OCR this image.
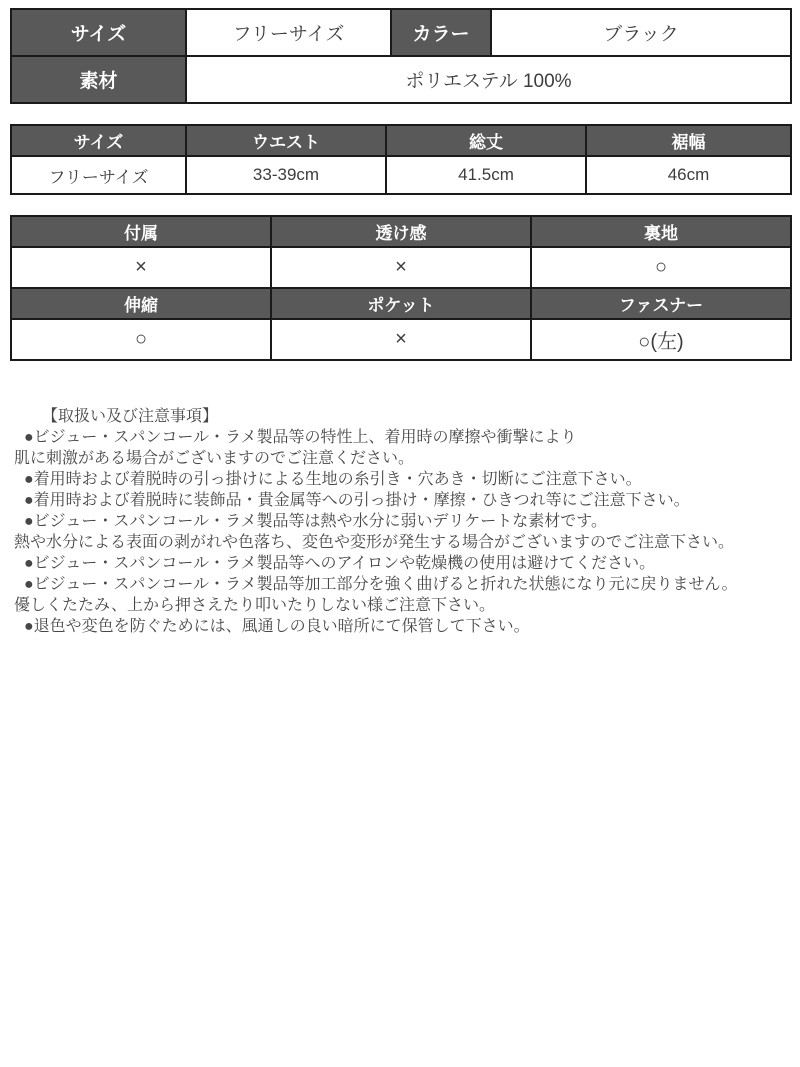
サイズ	フリーサイズ	カラー	ブラック
素材	ポリエステル 100%		
サイズ	ウエスト	総丈	裾幅
フリーサイズ	33-39cm	41.5cm	46cm
付属	透け感	裏地
×	×	○
伸縮	ポケット	ファスナー
○	×	○(左)
【取扱い及び注意事項】
●ビジュー・スパンコール・ラメ製品等の特性上、着用時の摩擦や衝撃により
肌に刺激がある場合がございますのでご注意ください。
●着用時および着脱時の引っ掛けによる生地の糸引き・穴あき・切断にご注意下さい。
●着用時および着脱時に装飾品・貴金属等への引っ掛け・摩擦・ひきつれ等にご注意下さい。
●ビジュー・スパンコール・ラメ製品等は熱や水分に弱いデリケートな素材です。
熱や水分による表面の剥がれや色落ち、変色や変形が発生する場合がございますのでご注意下さい。
●ビジュー・スパンコール・ラメ製品等へのアイロンや乾燥機の使用は避けてください。
●ビジュー・スパンコール・ラメ製品等加工部分を強く曲げると折れた状態になり元に戻りません。
優しくたたみ、上から押さえたり叩いたりしない様ご注意下さい。
●退色や変色を防ぐためには、風通しの良い暗所にて保管して下さい。
